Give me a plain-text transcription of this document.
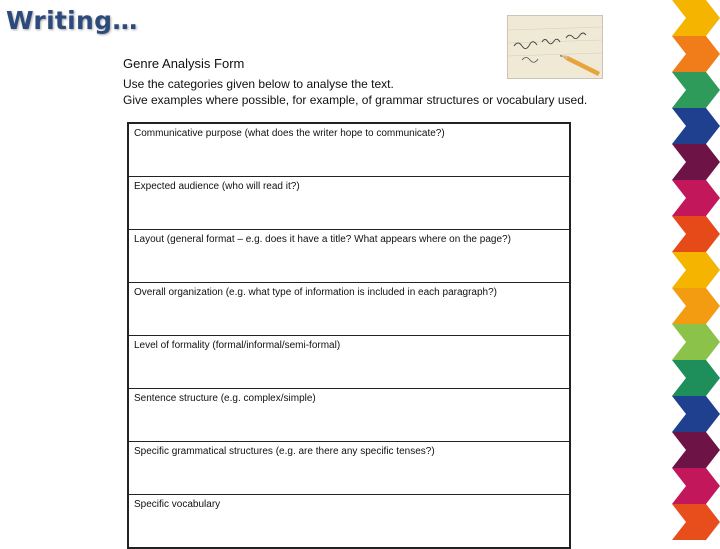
Writing…
Genre Analysis Form
Use the categories given below to analyse the text.
Give examples where possible, for example, of grammar structures or vocabulary used.
Communicative purpose (what does the writer hope to communicate?)
Expected audience (who will read it?)
Layout (general format – e.g. does it have a title? What appears where on the page?)
Overall organization (e.g. what type of information is included in each paragraph?)
Level of formality (formal/informal/semi-formal)
Sentence structure (e.g. complex/simple)
Specific grammatical structures (e.g. are there any specific tenses?)
Specific vocabulary
